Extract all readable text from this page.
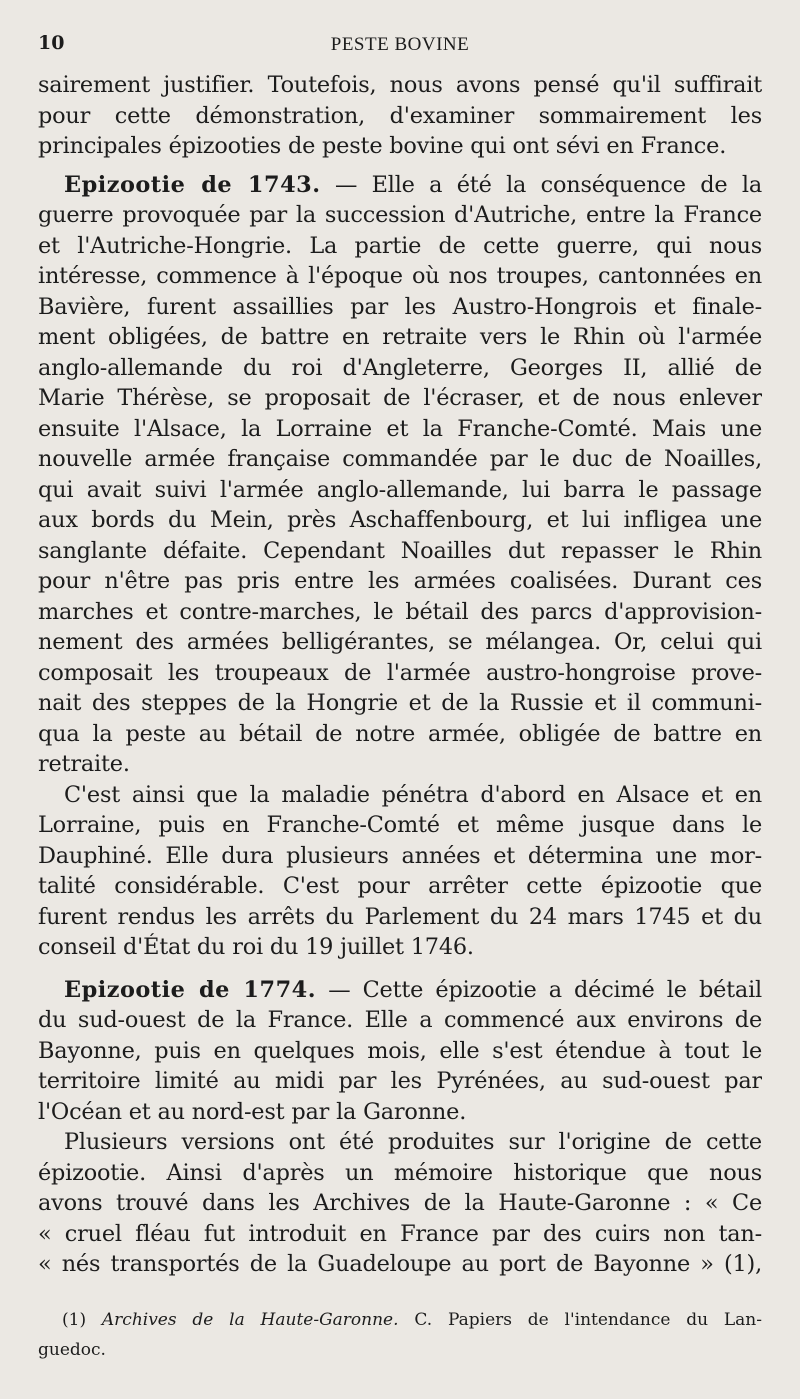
10	PESTE BOVINE
sairement justifier. Toutefois, nous avons pensé qu'il suffirait
pour cette démonstration, d'examiner sommairement les
principales épizooties de peste bovine qui ont sévi en France.
Epizootie de 1743. — Elle a été la conséquence de la
guerre provoquée par la succession d'Autriche, entre la France
et l'Autriche-Hongrie. La partie de cette guerre, qui nous
intéresse, commence à l'époque où nos troupes, cantonnées en
Bavière, furent assaillies par les Austro-Hongrois et finale-
ment obligées, de battre en retraite vers le Rhin où l'armée
anglo-allemande du roi d'Angleterre, Georges II, allié de
Marie Thérèse, se proposait de l'écraser, et de nous enlever
ensuite l'Alsace, la Lorraine et la Franche-Comté. Mais une
nouvelle armée française commandée par le duc de Noailles,
qui avait suivi l'armée anglo-allemande, lui barra le passage
aux bords du Mein, près Aschaffenbourg, et lui infligea une
sanglante défaite. Cependant Noailles dut repasser le Rhin
pour n'être pas pris entre les armées coalisées. Durant ces
marches et contre-marches, le bétail des parcs d'approvision-
nement des armées belligérantes, se mélangea. Or, celui qui
composait les troupeaux de l'armée austro-hongroise prove-
nait des steppes de la Hongrie et de la Russie et il communi-
qua la peste au bétail de notre armée, obligée de battre en
retraite.
C'est ainsi que la maladie pénétra d'abord en Alsace et en
Lorraine, puis en Franche-Comté et même jusque dans le
Dauphiné. Elle dura plusieurs années et détermina une mor-
talité considérable. C'est pour arrêter cette épizootie que
furent rendus les arrêts du Parlement du 24 mars 1745 et du
conseil d'État du roi du 19 juillet 1746.
Epizootie de 1774. — Cette épizootie a décimé le bétail
du sud-ouest de la France. Elle a commencé aux environs de
Bayonne, puis en quelques mois, elle s'est étendue à tout le
territoire limité au midi par les Pyrénées, au sud-ouest par
l'Océan et au nord-est par la Garonne.
Plusieurs versions ont été produites sur l'origine de cette
épizootie. Ainsi d'après un mémoire historique que nous
avons trouvé dans les Archives de la Haute-Garonne : « Ce
« cruel fléau fut introduit en France par des cuirs non tan-
« nés transportés de la Guadeloupe au port de Bayonne » (1),
(1) Archives de la Haute-Garonne. C. Papiers de l'intendance du Lan-
guedoc.
